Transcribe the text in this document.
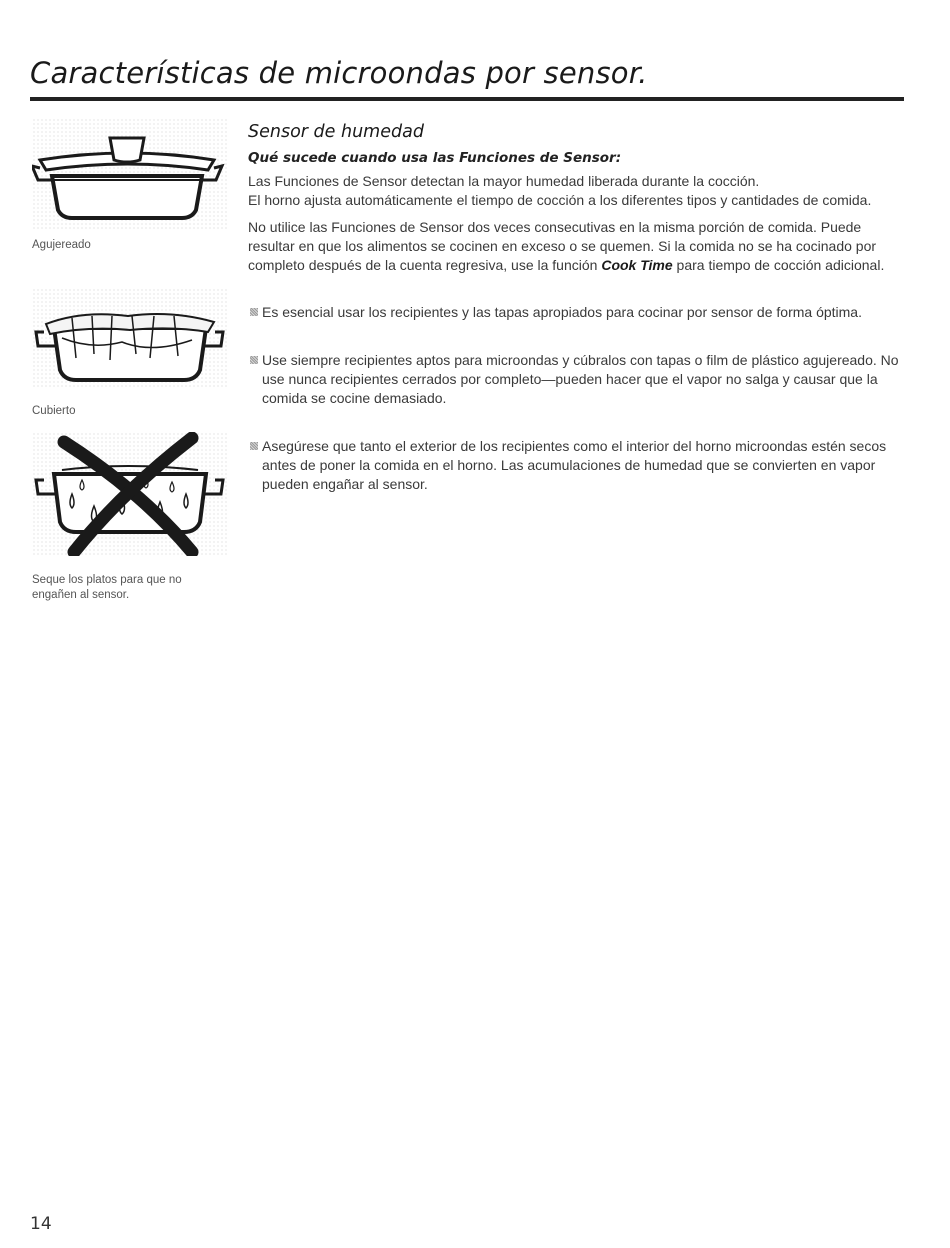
Características de microondas por sensor.
Agujereado
Cubierto
Seque los platos para que no engañen al sensor.
Sensor de humedad
Qué sucede cuando usa las Funciones de Sensor:

Las Funciones de Sensor detectan la mayor humedad liberada durante la cocción.

El horno ajusta automáticamente el tiempo de cocción a los diferentes tipos y cantidades de comida.

No utilice las Funciones de Sensor dos veces consecutivas en la misma porción de comida. Puede resultar en que los alimentos se cocinen en exceso o se quemen. Si la comida no se ha cocinado por completo después de la cuenta regresiva, use la función Cook Time para tiempo de cocción adicional.

Es esencial usar los recipientes y las tapas apropiados para cocinar por sensor de forma óptima.
Use siempre recipientes aptos para microondas y cúbralos con tapas o film de plástico agujereado. No use nunca recipientes cerrados por completo—pueden hacer que el vapor no salga y causar que la comida se cocine demasiado.
Asegúrese que tanto el exterior de los recipientes como el interior del horno microondas estén secos antes de poner la comida en el horno. Las acumulaciones de humedad que se convierten en vapor pueden engañar al sensor.
14
